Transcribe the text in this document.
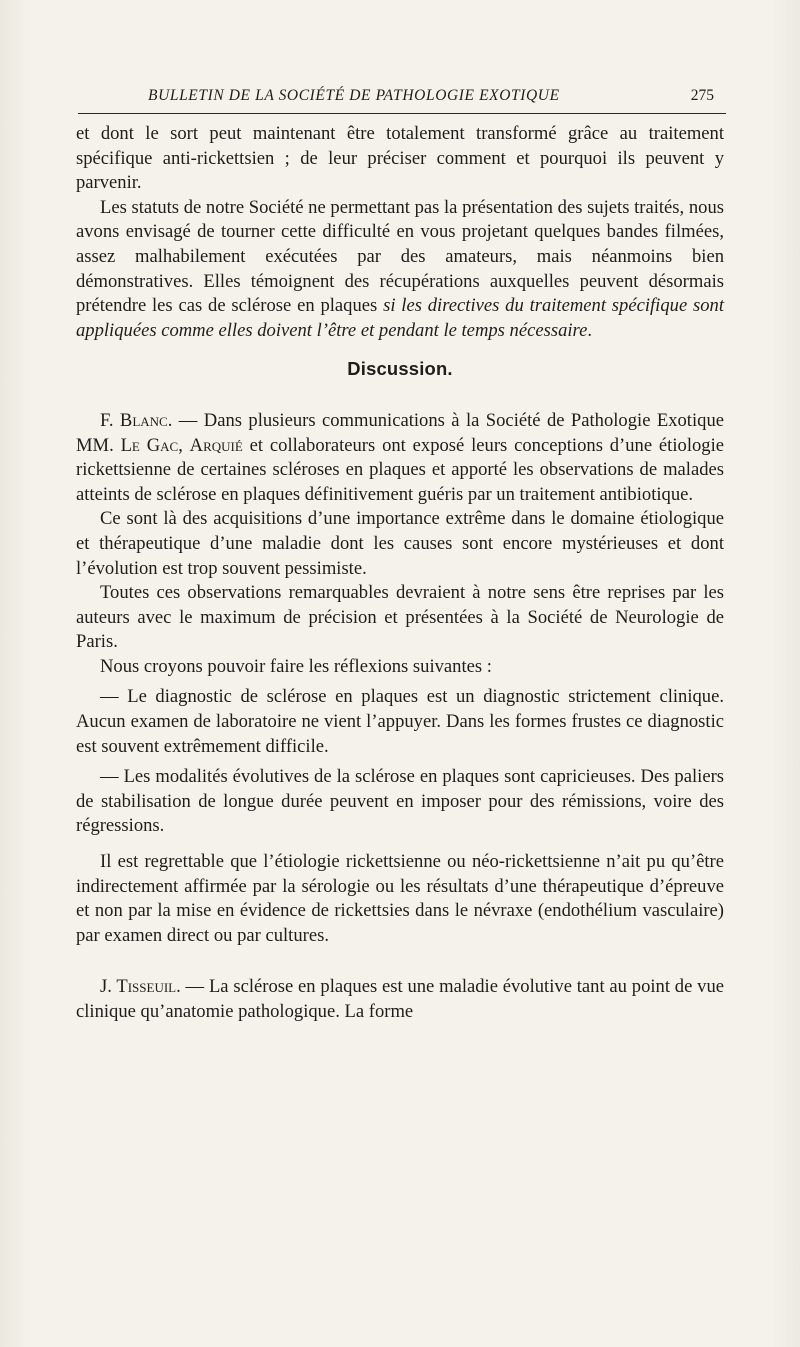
BULLETIN DE LA SOCIÉTÉ DE PATHOLOGIE EXOTIQUE	275

et dont le sort peut maintenant être totalement transformé grâce au traitement spécifique anti-rickettsien ; de leur préciser comment et pourquoi ils peuvent y parvenir.

Les statuts de notre Société ne permettant pas la présentation des sujets traités, nous avons envisagé de tourner cette difficulté en vous projetant quelques bandes filmées, assez malhabilement exécutées par des amateurs, mais néanmoins bien démonstratives. Elles témoignent des récupérations auxquelles peuvent désormais prétendre les cas de sclérose en plaques si les directives du traitement spécifique sont appliquées comme elles doivent l’être et pendant le temps nécessaire.

Discussion.

F. Blanc. — Dans plusieurs communications à la Société de Pathologie Exotique MM. Le Gac, Arquié et collaborateurs ont exposé leurs conceptions d’une étiologie rickettsienne de certaines scléroses en plaques et apporté les observations de malades atteints de sclérose en plaques définitivement guéris par un traitement antibiotique.

Ce sont là des acquisitions d’une importance extrême dans le domaine étiologique et thérapeutique d’une maladie dont les causes sont encore mystérieuses et dont l’évolution est trop souvent pessimiste.

Toutes ces observations remarquables devraient à notre sens être reprises par les auteurs avec le maximum de précision et présentées à la Société de Neurologie de Paris.

Nous croyons pouvoir faire les réflexions suivantes :

— Le diagnostic de sclérose en plaques est un diagnostic strictement clinique. Aucun examen de laboratoire ne vient l’appuyer. Dans les formes frustes ce diagnostic est souvent extrêmement difficile.

— Les modalités évolutives de la sclérose en plaques sont capricieuses. Des paliers de stabilisation de longue durée peuvent en imposer pour des rémissions, voire des régressions.

Il est regrettable que l’étiologie rickettsienne ou néo-rickettsienne n’ait pu qu’être indirectement affirmée par la sérologie ou les résultats d’une thérapeutique d’épreuve et non par la mise en évidence de rickettsies dans le névraxe (endothélium vasculaire) par examen direct ou par cultures.

J. Tisseuil. — La sclérose en plaques est une maladie évolutive tant au point de vue clinique qu’anatomie pathologique. La forme
